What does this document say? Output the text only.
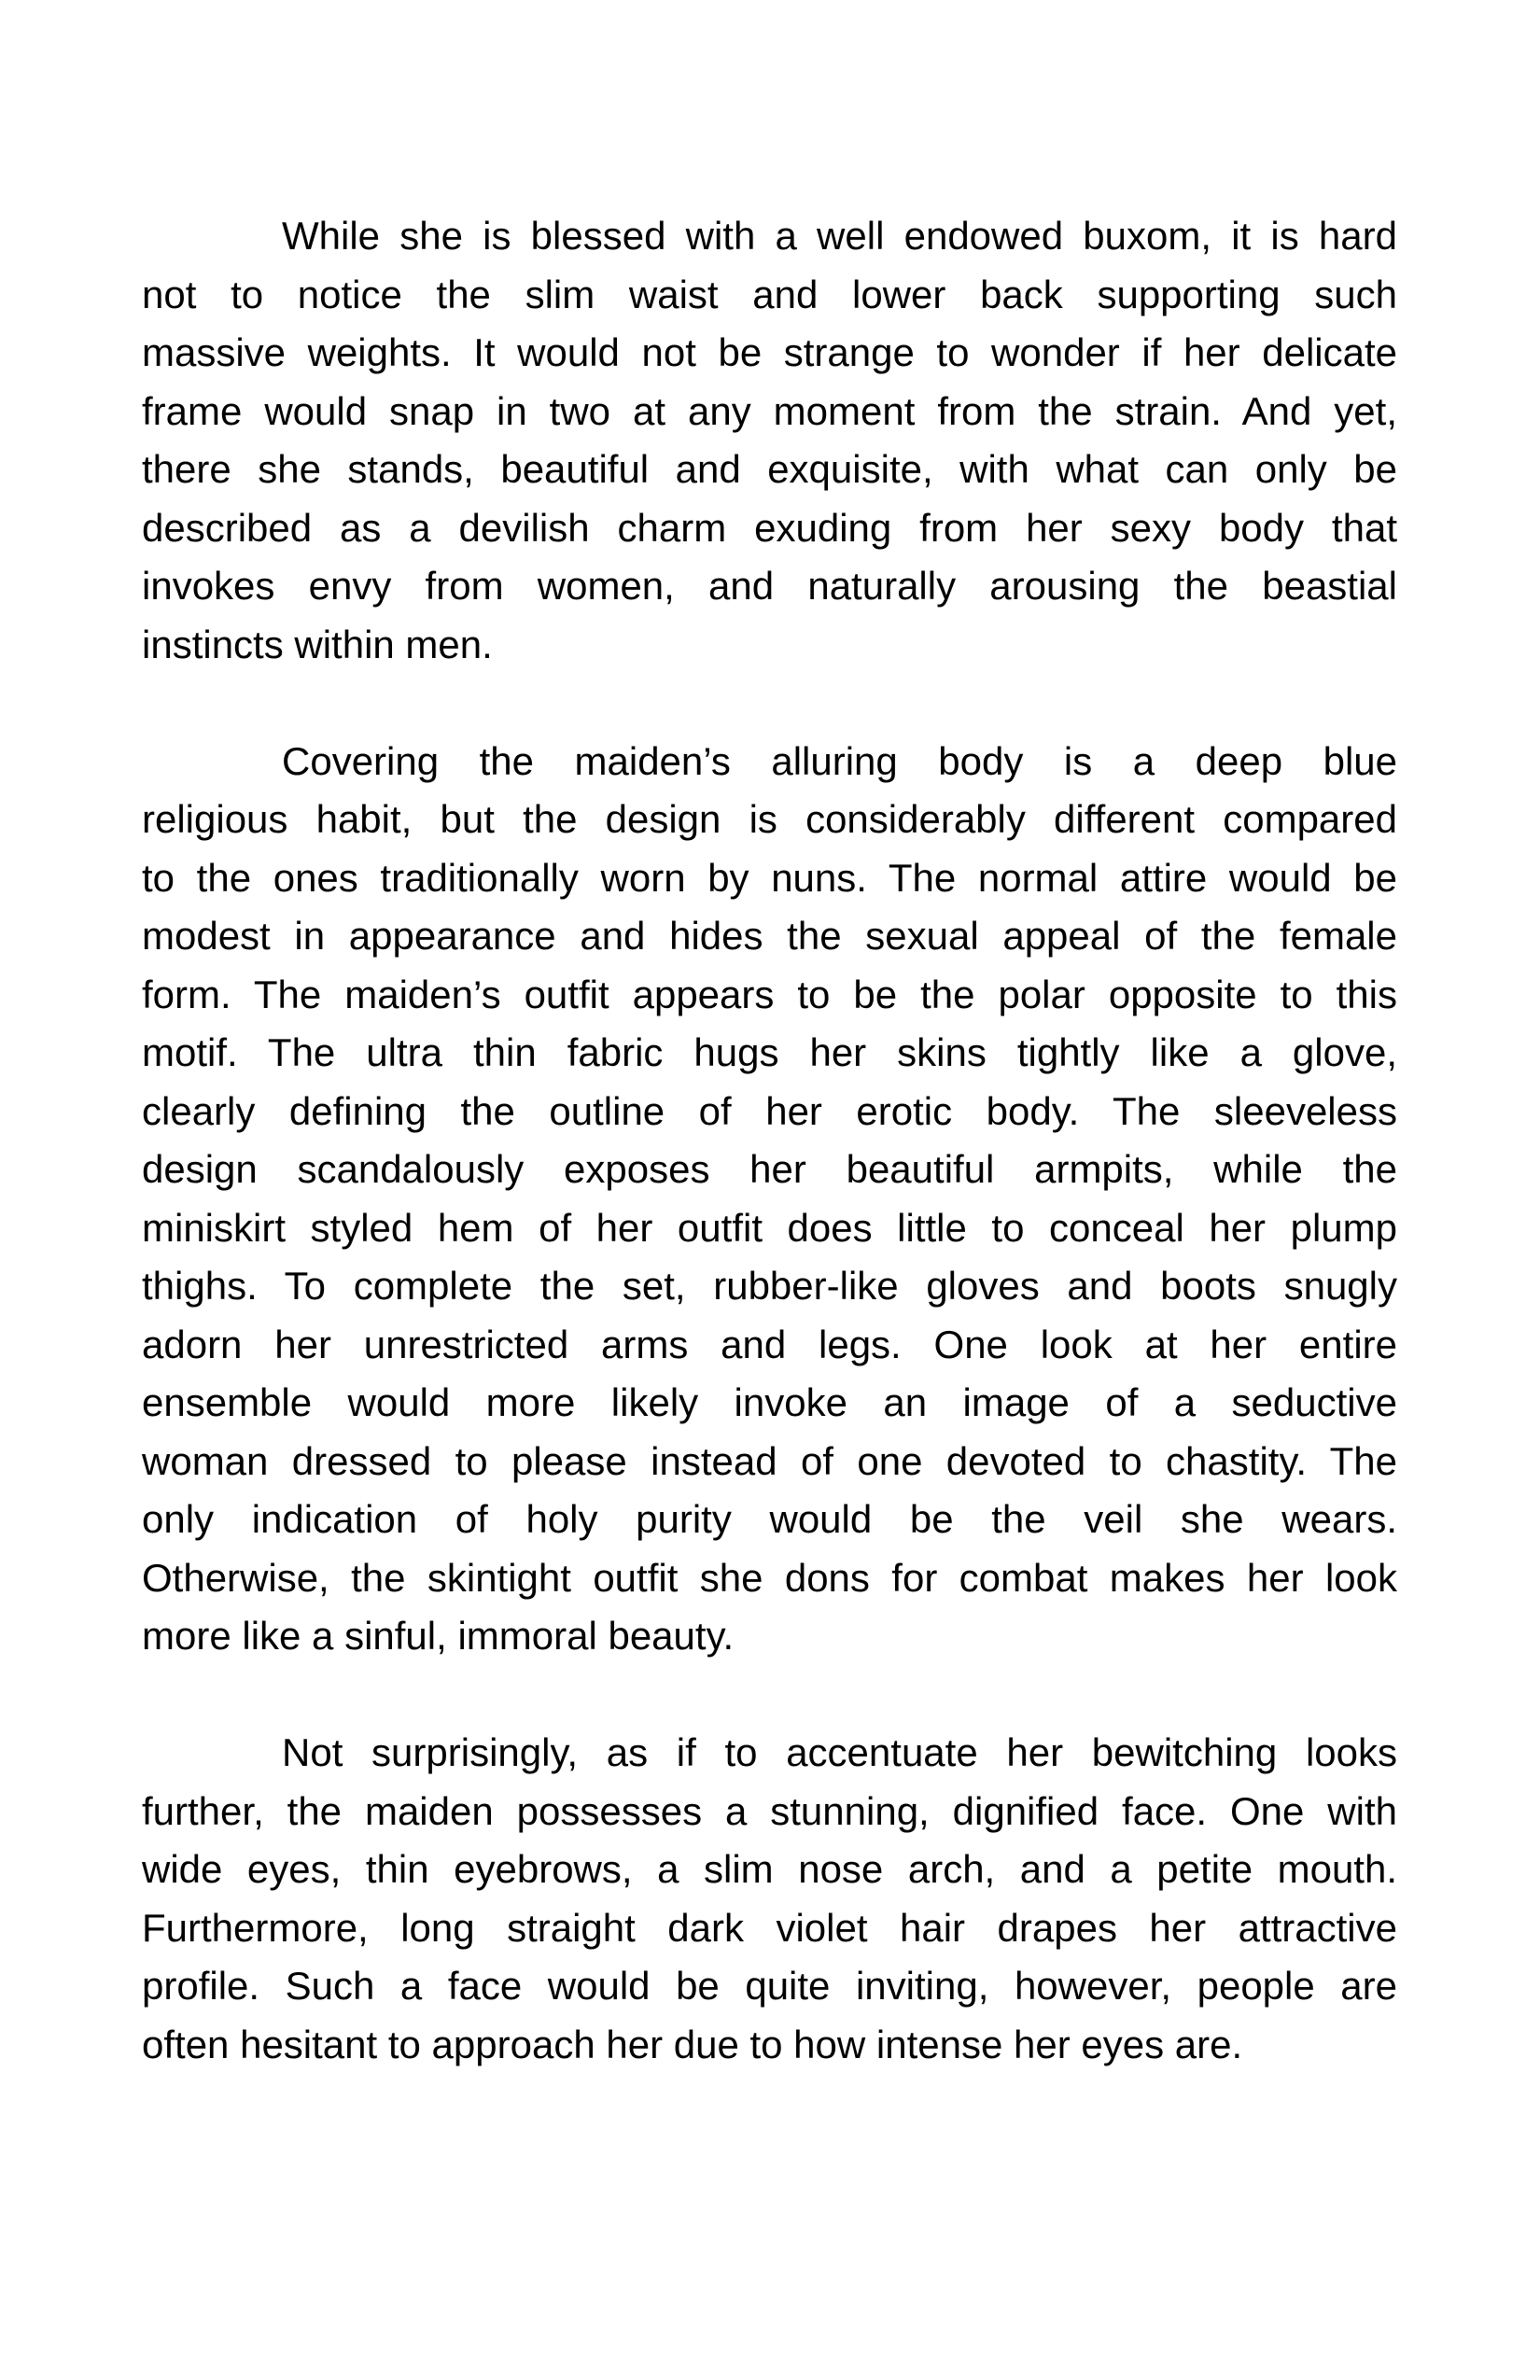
While she is blessed with a well endowed buxom, it is hard
not to notice the slim waist and lower back supporting such
massive weights. It would not be strange to wonder if her delicate
frame would snap in two at any moment from the strain. And yet,
there she stands, beautiful and exquisite, with what can only be
described as a devilish charm exuding from her sexy body that
invokes envy from women, and naturally arousing the beastial
instincts within men.
Covering the maiden’s alluring body is a deep blue
religious habit, but the design is considerably different compared
to the ones traditionally worn by nuns. The normal attire would be
modest in appearance and hides the sexual appeal of the female
form. The maiden’s outfit appears to be the polar opposite to this
motif. The ultra thin fabric hugs her skins tightly like a glove,
clearly defining the outline of her erotic body. The sleeveless
design scandalously exposes her beautiful armpits, while the
miniskirt styled hem of her outfit does little to conceal her plump
thighs. To complete the set, rubber-like gloves and boots snugly
adorn her unrestricted arms and legs. One look at her entire
ensemble would more likely invoke an image of a seductive
woman dressed to please instead of one devoted to chastity. The
only indication of holy purity would be the veil she wears.
Otherwise, the skintight outfit she dons for combat makes her look
more like a sinful, immoral beauty.
Not surprisingly, as if to accentuate her bewitching looks
further, the maiden possesses a stunning, dignified face. One with
wide eyes, thin eyebrows, a slim nose arch, and a petite mouth.
Furthermore, long straight dark violet hair drapes her attractive
profile. Such a face would be quite inviting, however, people are
often hesitant to approach her due to how intense her eyes are.
